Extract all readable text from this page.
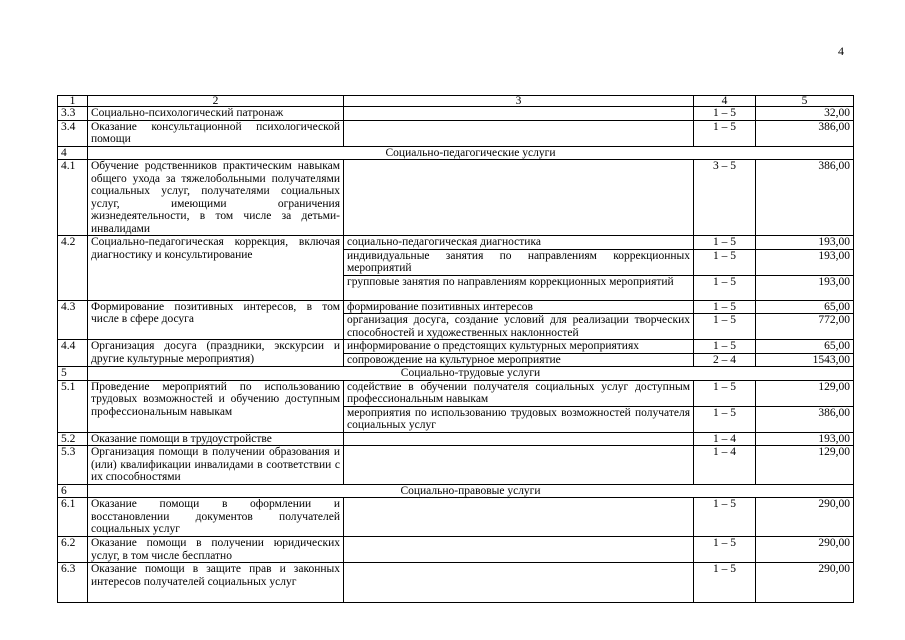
4
1	2	3	4	5
3.3	Социально-психологический патронаж		1 – 5	32,00
3.4	Оказание консультационной психологической помощи		1 – 5	386,00
4	Социально-педагогические услуги			
4.1	Обучение родственников практическим навыкам общего ухода за тяжелобольными получателями социальных услуг, получателями социальных услуг, имеющими ограничения жизнедеятельности, в том числе за детьми-инвалидами		3 – 5	386,00
4.2	Социально-педагогическая коррекция, включая диагностику и консультирование	социально-педагогическая диагностика	1 – 5	193,00
		индивидуальные занятия по направлениям коррекционных мероприятий	1 – 5	193,00
		групповые занятия по направлениям коррекционных мероприятий	1 – 5	193,00
4.3	Формирование позитивных интересов, в том числе в сфере досуга	формирование позитивных интересов	1 – 5	65,00
		организация досуга, создание условий для реализации творческих способностей и художественных наклонностей	1 – 5	772,00
4.4	Организация досуга (праздники, экскурсии и другие культурные мероприятия)	информирование о предстоящих культурных мероприятиях	1 – 5	65,00
		сопровождение на культурное мероприятие	2 – 4	1543,00
5	Социально-трудовые услуги			
5.1	Проведение мероприятий по использованию трудовых возможностей и обучению доступным профессиональным навыкам	содействие в обучении получателя социальных услуг доступным профессиональным навыкам	1 – 5	129,00
		мероприятия по использованию трудовых возможностей получателя социальных услуг	1 – 5	386,00
5.2	Оказание помощи в трудоустройстве		1 – 4	193,00
5.3	Организация помощи в получении образования и (или) квалификации инвалидами в соответствии с их способностями		1 – 4	129,00
6	Социально-правовые услуги			
6.1	Оказание помощи в оформлении и восстановлении документов получателей социальных услуг		1 – 5	290,00
6.2	Оказание помощи в получении юридических услуг, в том числе бесплатно		1 – 5	290,00
6.3	Оказание помощи в защите прав и законных интересов получателей социальных услуг		1 – 5	290,00
